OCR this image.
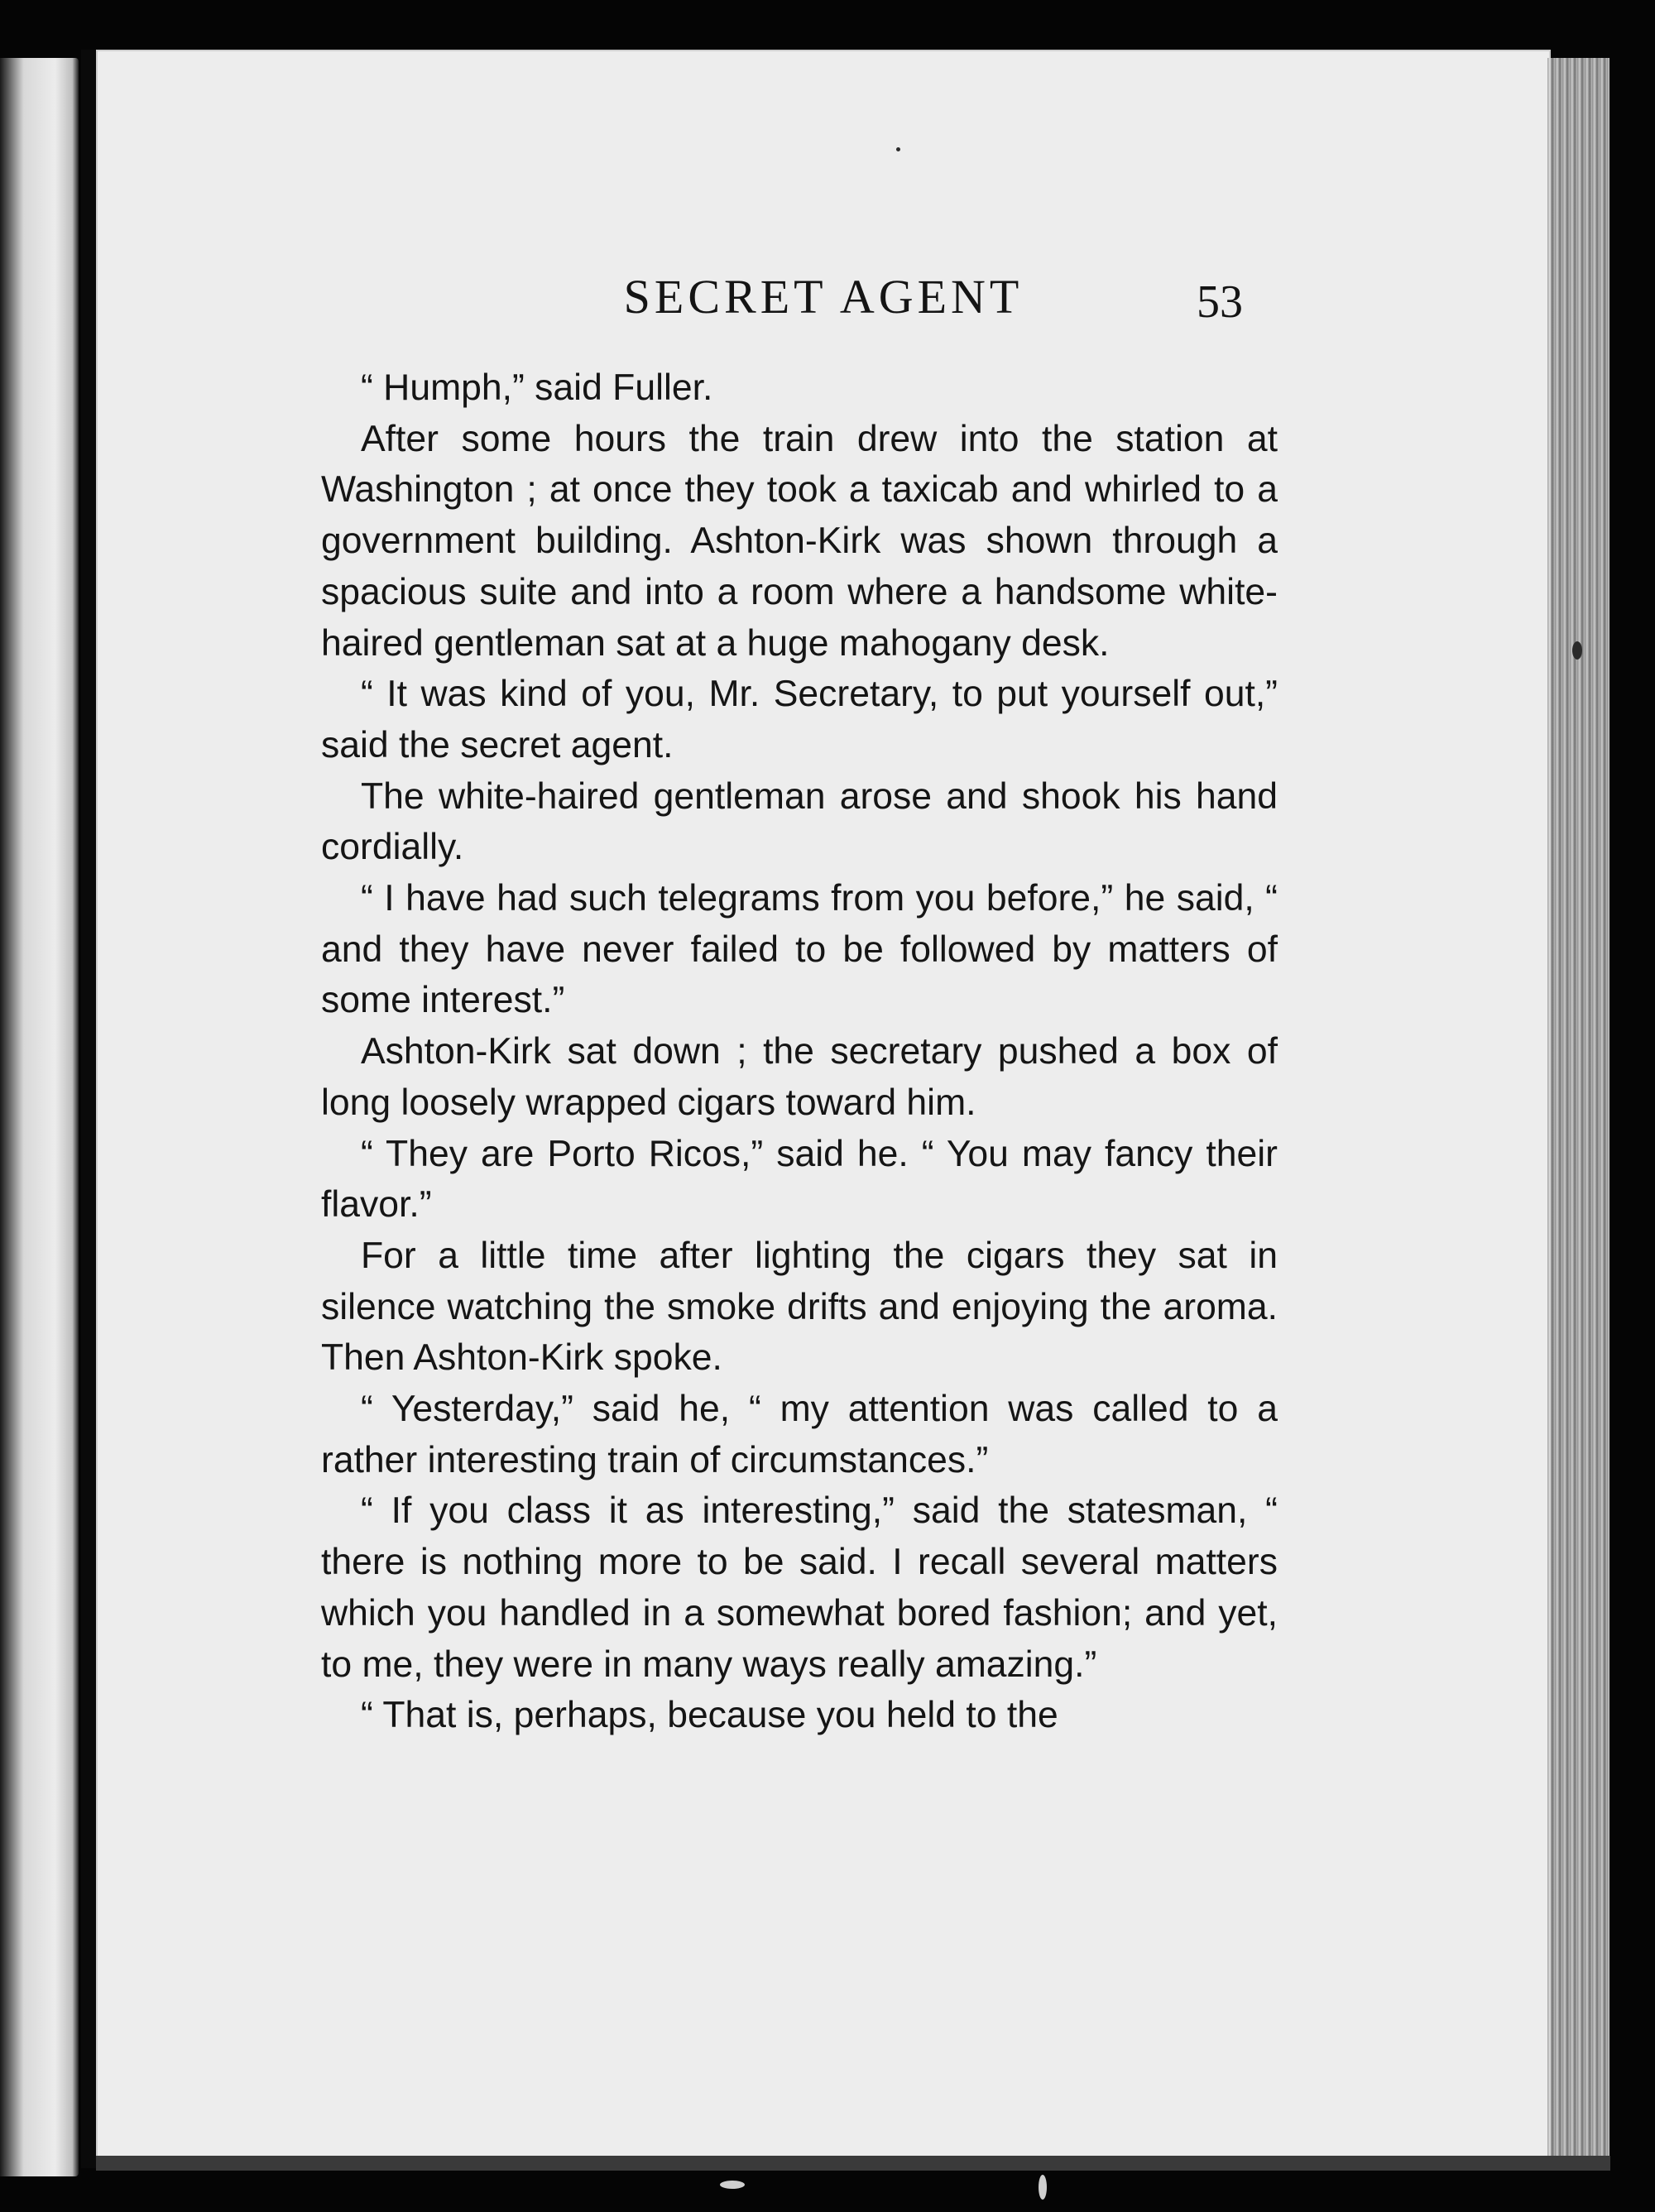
SECRET AGENT	53

“ Humph,” said Fuller.

After some hours the train drew into the station at Washington ; at once they took a taxicab and whirled to a government building. Ashton-Kirk was shown through a spacious suite and into a room where a handsome white-haired gentleman sat at a huge mahogany desk.

“ It was kind of you, Mr. Secretary, to put yourself out,” said the secret agent.

The white-haired gentleman arose and shook his hand cordially.

“ I have had such telegrams from you before,” he said, “ and they have never failed to be followed by matters of some interest.”

Ashton-Kirk sat down ; the secretary pushed a box of long loosely wrapped cigars toward him.

“ They are Porto Ricos,” said he. “ You may fancy their flavor.”

For a little time after lighting the cigars they sat in silence watching the smoke drifts and enjoying the aroma. Then Ashton-Kirk spoke.

“ Yesterday,” said he, “ my attention was called to a rather interesting train of circumstances.”

“ If you class it as interesting,” said the statesman, “ there is nothing more to be said. I recall several matters which you handled in a somewhat bored fashion; and yet, to me, they were in many ways really amazing.”

“ That is, perhaps, because you held to the
